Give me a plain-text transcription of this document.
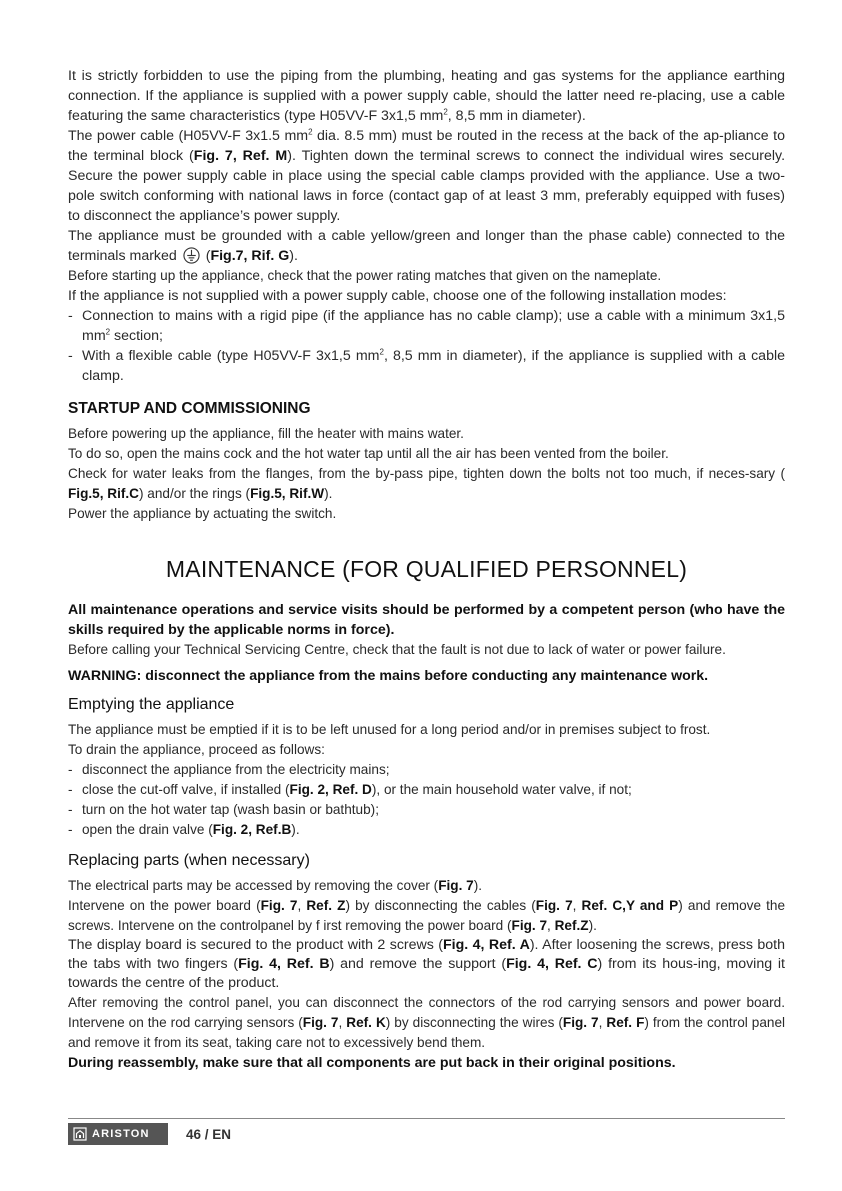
It is strictly forbidden to use the piping from the plumbing, heating and gas systems for the appliance earthing connection. If the appliance is supplied with a power supply cable, should the latter need re-placing, use a cable featuring the same characteristics (type H05VV-F 3x1,5 $mm^2$, 8,5 mm in diameter).

The power cable (H05VV-F 3x1.5 $mm^2$ dia. 8.5 mm) must be routed in the recess at the back of the ap-pliance to the terminal block (Fig. 7, Ref. M). Tighten down the terminal screws to connect the individual wires securely. Secure the power supply cable in place using the special cable clamps provided with the appliance. Use a two-pole switch conforming with national laws in force (contact gap of at least 3 mm, preferably equipped with fuses) to disconnect the appliance’s power supply.

The appliance must be grounded with a cable yellow/green and longer than the phase cable) connected to the terminals marked  (Fig.7, Rif. G).

Before starting up the appliance, check that the power rating matches that given on the nameplate.

If the appliance is not supplied with a power supply cable, choose one of the following installation modes:

- Connection to mains with a rigid pipe (if the appliance has no cable clamp); use a cable with a minimum 3x1,5 $mm^2$ section;
- With a flexible cable (type H05VV-F 3x1,5 $mm^2$, 8,5 mm in diameter), if the appliance is supplied with a cable clamp.
STARTUP AND COMMISSIONING

Before powering up the appliance, fill the heater with mains water.

To do so, open the mains cock and the hot water tap until all the air has been vented from the boiler.

Check for water leaks from the flanges, from the by-pass pipe, tighten down the bolts not too much, if neces-sary ( Fig.5, Rif.C) and/or the rings (Fig.5, Rif.W).

Power the appliance by actuating the switch.

MAINTENANCE (FOR QUALIFIED PERSONNEL)

All maintenance operations and service visits should be performed by a competent person (who have the skills required by the applicable norms in force).

Before calling your Technical Servicing Centre, check that the fault is not due to lack of water or power failure.

WARNING: disconnect the appliance from the mains before conducting any maintenance work.

Emptying the appliance

The appliance must be emptied if it is to be left unused for a long period and/or in premises subject to frost.

To drain the appliance, proceed as follows:

- disconnect the appliance from the electricity mains;
- close the cut-off valve, if installed (Fig. 2, Ref. D), or the main household water valve, if not;
- turn on the hot water tap (wash basin or bathtub);
- open the drain valve (Fig. 2, Ref.B).
Replacing parts (when necessary)

The electrical parts may be accessed by removing the cover (Fig. 7).

Intervene on the power board (Fig. 7, Ref. Z) by disconnecting the cables (Fig. 7, Ref. C,Y and P) and remove the screws. Intervene on the controlpanel by f irst removing the power board (Fig. 7, Ref.Z).

The display board is secured to the product with 2 screws (Fig. 4, Ref. A). After loosening the screws, press both the tabs with two fingers (Fig. 4, Ref. B) and remove the support (Fig. 4, Ref. C) from its hous-ing, moving it towards the centre of the product.

After removing the control panel, you can disconnect the connectors of the rod carrying sensors and power board. Intervene on the rod carrying sensors (Fig. 7, Ref. K) by disconnecting the wires (Fig. 7, Ref. F) from the control panel and remove it from its seat, taking care not to excessively bend them.

During reassembly, make sure that all components are put back in their original positions.

ARISTON	46 / EN
